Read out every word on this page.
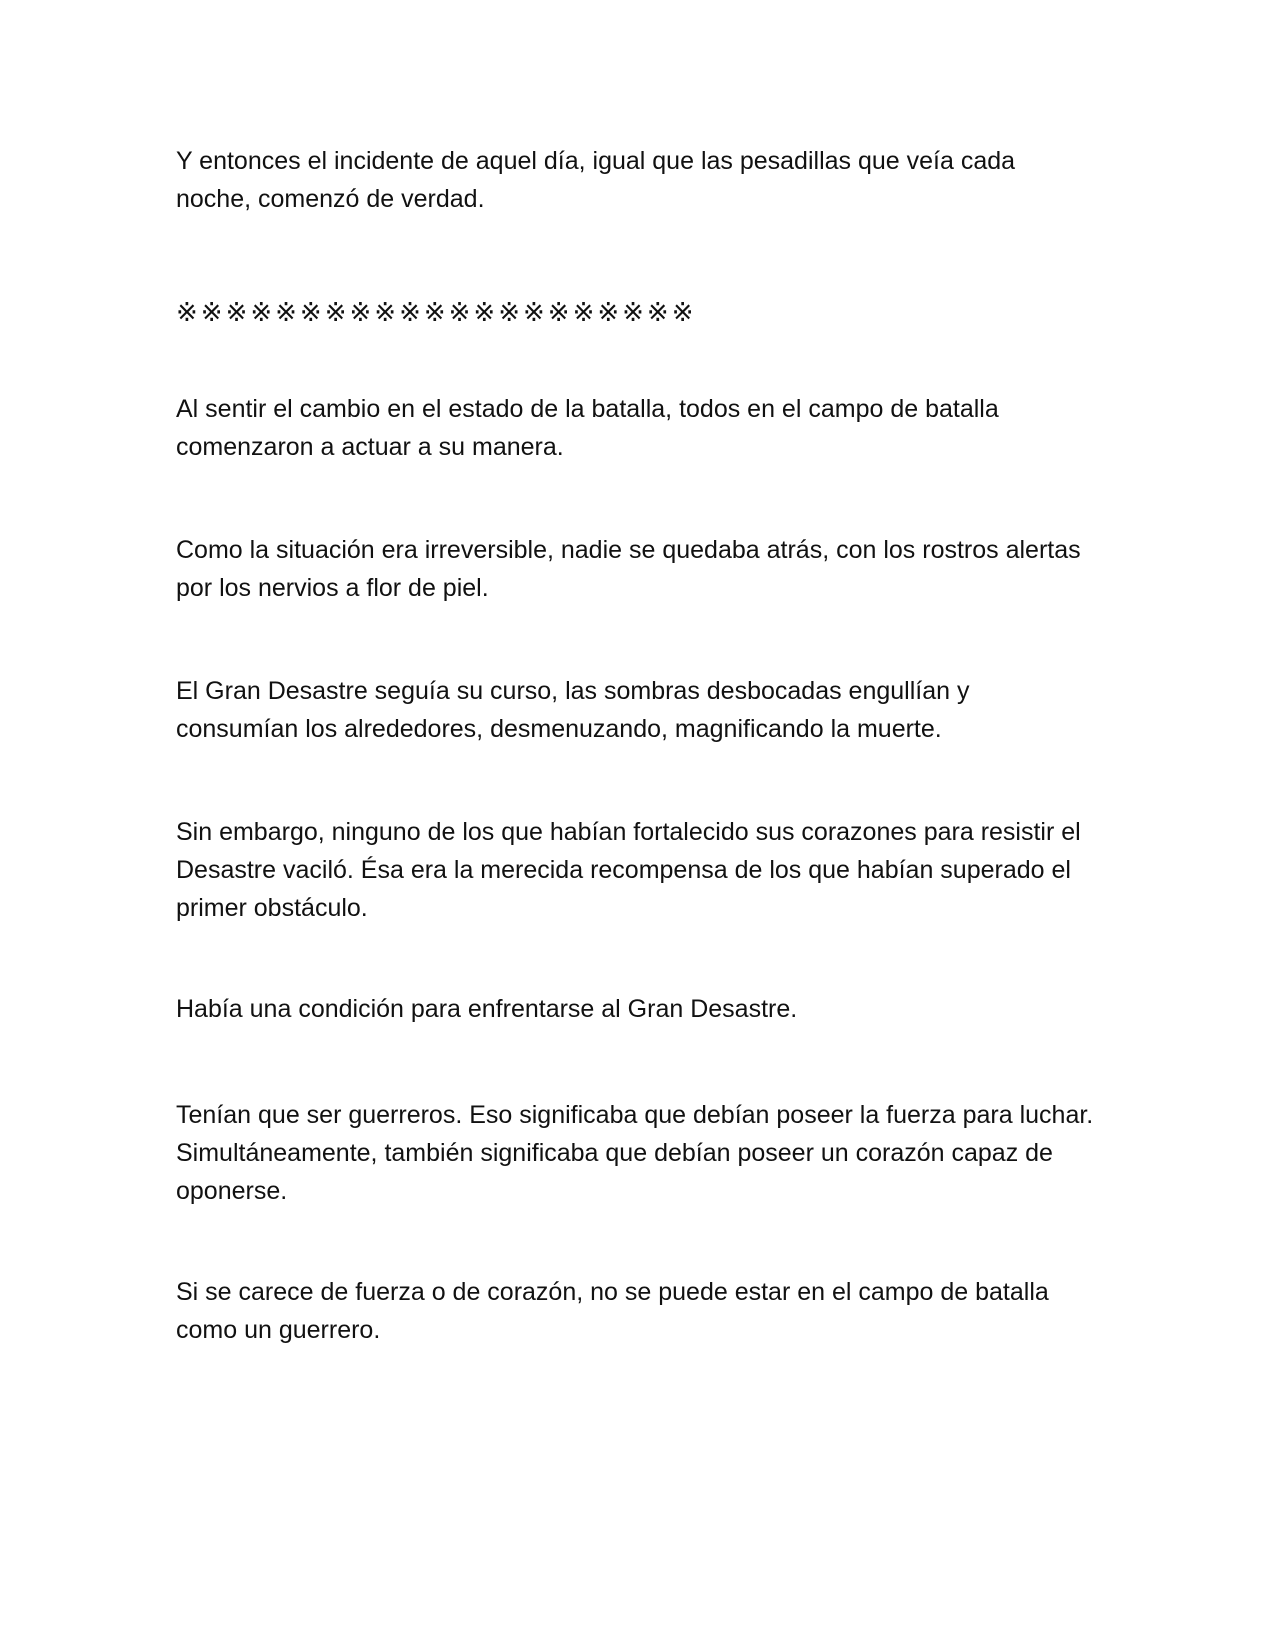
Y entonces el incidente de aquel día, igual que las pesadillas que veía cada noche, comenzó de verdad.

※※※※※※※※※※※※※※※※※※※※※

Al sentir el cambio en el estado de la batalla, todos en el campo de batalla comenzaron a actuar a su manera.

Como la situación era irreversible, nadie se quedaba atrás, con los rostros alertas por los nervios a flor de piel.

El Gran Desastre seguía su curso, las sombras desbocadas engullían y consumían los alrededores, desmenuzando, magnificando la muerte.

Sin embargo, ninguno de los que habían fortalecido sus corazones para resistir el Desastre vaciló. Ésa era la merecida recompensa de los que habían superado el primer obstáculo.

Había una condición para enfrentarse al Gran Desastre.

Tenían que ser guerreros. Eso significaba que debían poseer la fuerza para luchar. Simultáneamente, también significaba que debían poseer un corazón capaz de oponerse.

Si se carece de fuerza o de corazón, no se puede estar en el campo de batalla como un guerrero.
